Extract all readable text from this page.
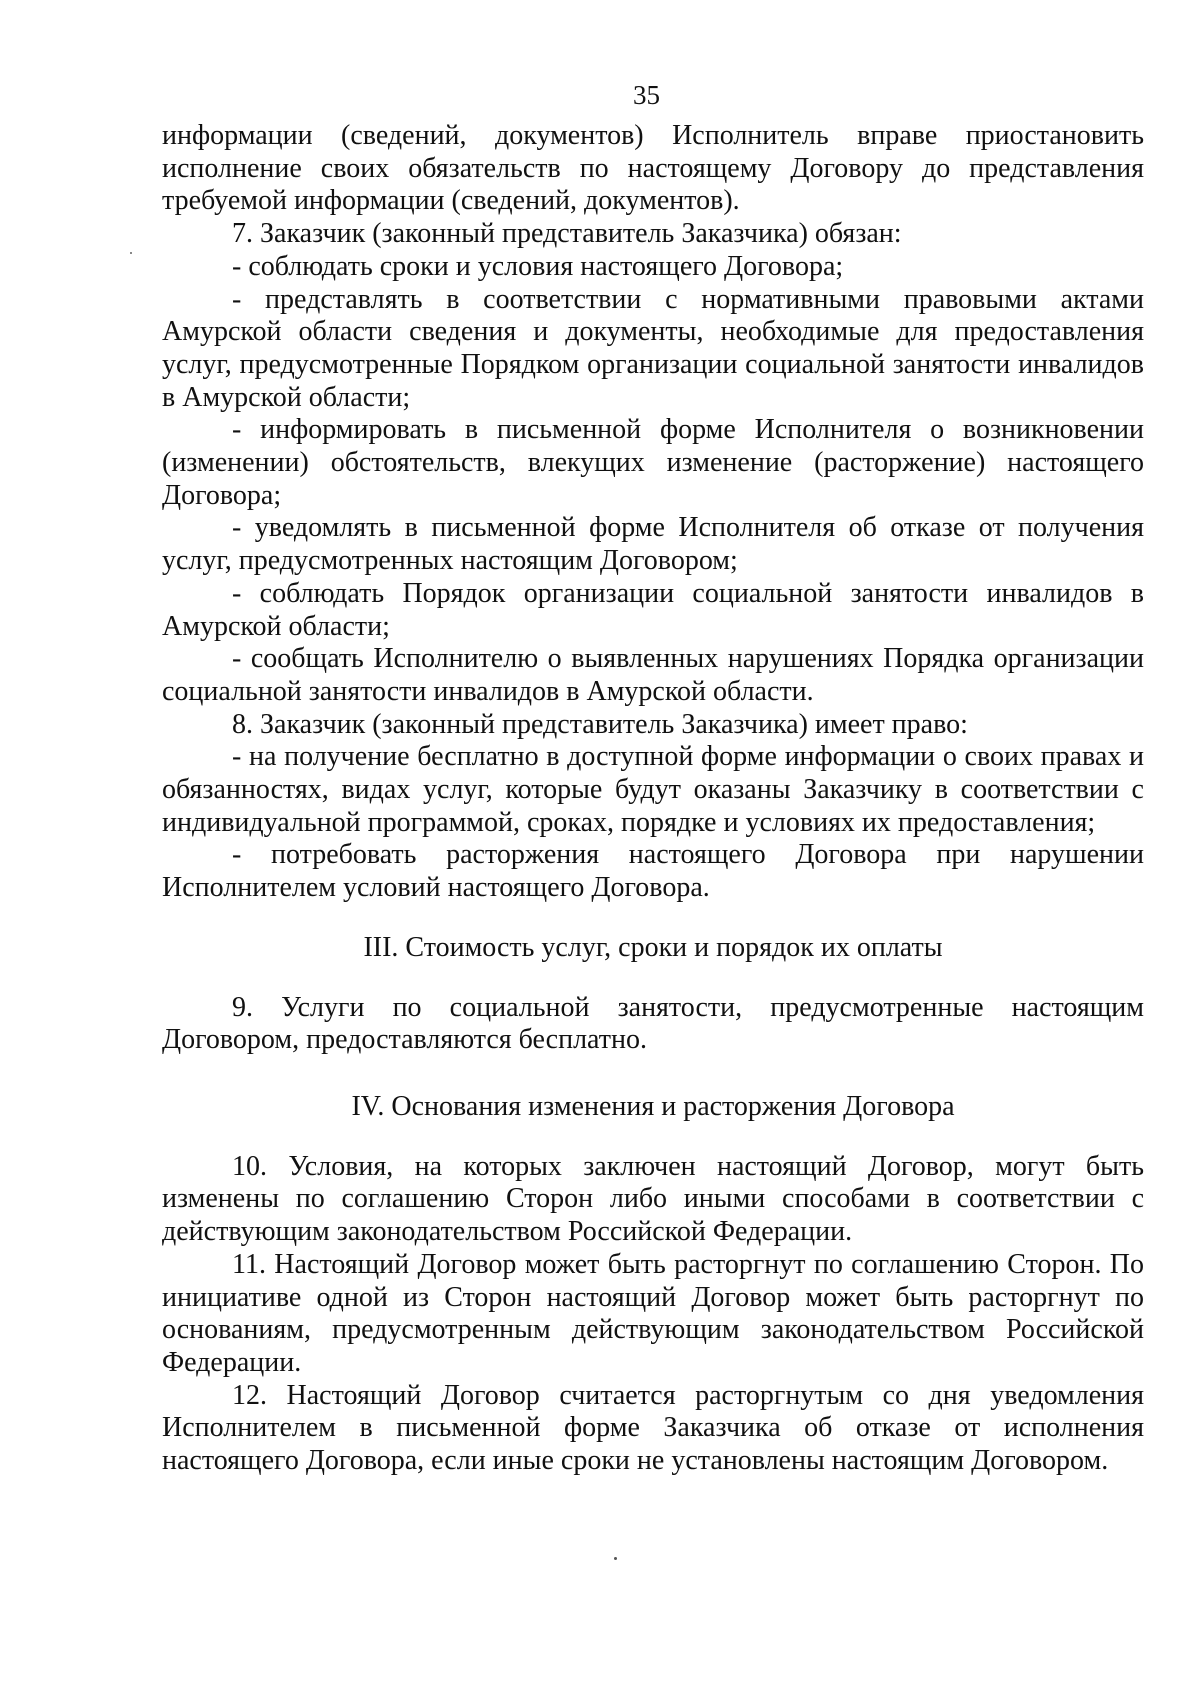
35

информации (сведений, документов) Исполнитель вправе приостановить исполнение своих обязательств по настоящему Договору до представления требуемой информации (сведений, документов).

7. Заказчик (законный представитель Заказчика) обязан:

- соблюдать сроки и условия настоящего Договора;

- представлять в соответствии с нормативными правовыми актами Амурской области сведения и документы, необходимые для предоставления услуг, предусмотренные Порядком организации социальной занятости инвалидов в Амурской области;

- информировать в письменной форме Исполнителя о возникновении (изменении) обстоятельств, влекущих изменение (расторжение) настоящего Договора;

- уведомлять в письменной форме Исполнителя об отказе от получения услуг, предусмотренных настоящим Договором;

- соблюдать Порядок организации социальной занятости инвалидов в Амурской области;

- сообщать Исполнителю о выявленных нарушениях Порядка организации социальной занятости инвалидов в Амурской области.

8. Заказчик (законный представитель Заказчика) имеет право:

- на получение бесплатно в доступной форме информации о своих правах и обязанностях, видах услуг, которые будут оказаны Заказчику в соответствии с индивидуальной программой, сроках, порядке и условиях их предоставления;

- потребовать расторжения настоящего Договора при нарушении Исполнителем условий настоящего Договора.

III. Стоимость услуг, сроки и порядок их оплаты

9. Услуги по социальной занятости, предусмотренные настоящим Договором, предоставляются бесплатно.

IV. Основания изменения и расторжения Договора

10. Условия, на которых заключен настоящий Договор, могут быть изменены по соглашению Сторон либо иными способами в соответствии с действующим законодательством Российской Федерации.

11. Настоящий Договор может быть расторгнут по соглашению Сторон. По инициативе одной из Сторон настоящий Договор может быть расторгнут по основаниям, предусмотренным действующим законодательством Российской Федерации.

12. Настоящий Договор считается расторгнутым со дня уведомления Исполнителем в письменной форме Заказчика об отказе от исполнения настоящего Договора, если иные сроки не установлены настоящим Договором.
